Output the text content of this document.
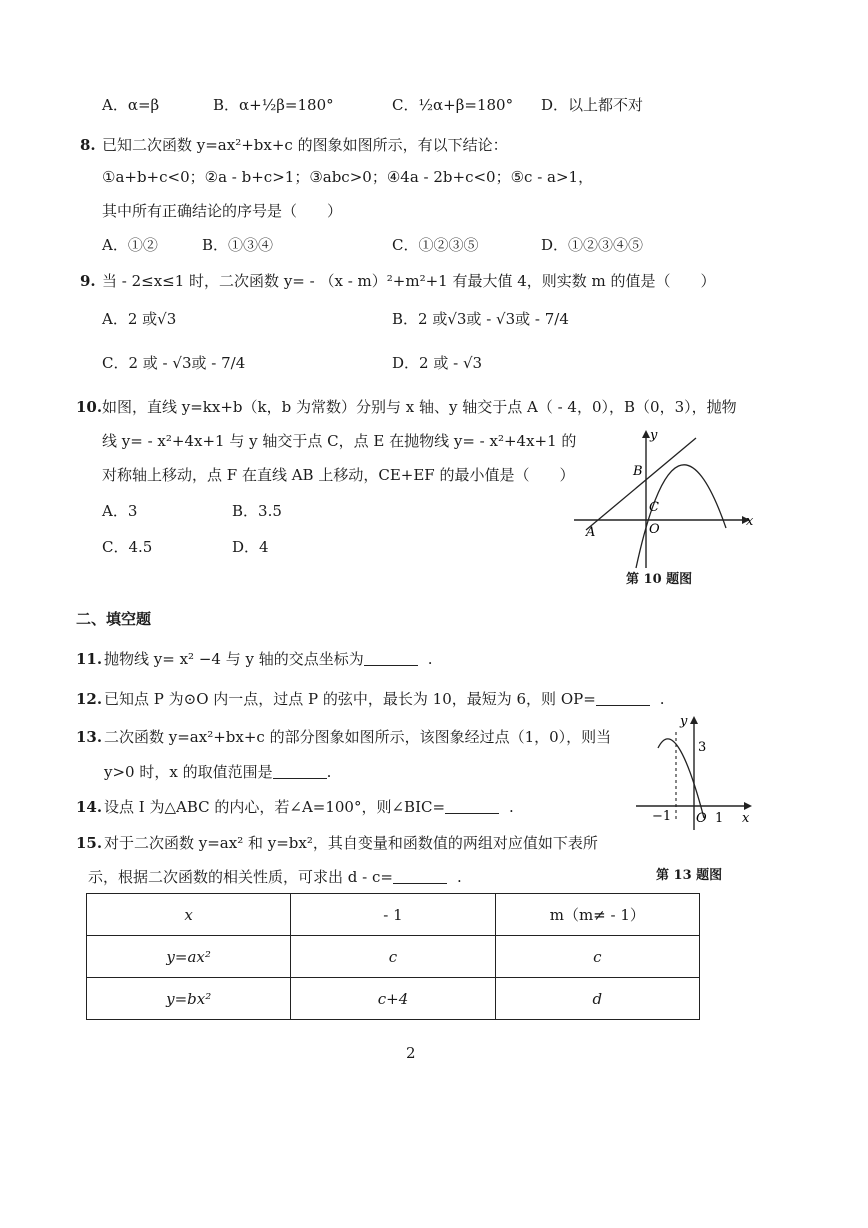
A．α=β	B．α+½β=180°	C．½α+β=180° D．以上都不对
8. 已知二次函数 y=ax²+bx+c 的图象如图所示，有以下结论：
①a+b+c<0；②a - b+c>1；③abc>0；④4a - 2b+c<0；⑤c - a>1，
其中所有正确结论的序号是（　　）
A．①②	B．①③④	C．①②③⑤	D．①②③④⑤
9. 当 - 2≤x≤1 时，二次函数 y= - （x - m）²+m²+1 有最大值 4，则实数 m 的值是（　　）
A．2 或√3	B．2 或√3或 - √3或 - 7/4
C．2 或 - √3或 - 7/4	D．2 或 - √3
10. 如图，直线 y=kx+b（k，b 为常数）分别与 x 轴、y 轴交于点 A（ - 4，0），B（0，3），抛物
线 y= - x²+4x+1 与 y 轴交于点 C，点 E 在抛物线 y= - x²+4x+1 的
对称轴上移动，点 F 在直线 AB 上移动，CE+EF 的最小值是（　　）
A．3	B．3.5
C．4.5	D．4
y
x
B
C
O
A
第 10 题图
二、填空题
11. 抛物线 y= x² −4 与 y 轴的交点坐标为	.
12. 已知点 P 为⊙O 内一点，过点 P 的弦中，最长为 10，最短为 6，则 OP=	.
13. 二次函数 y=ax²+bx+c 的部分图象如图所示，该图象经过点（1，0），则当
y>0 时，x 的取值范围是	.
y
x
3
−1 O 1
第 13 题图
14. 设点 I 为△ABC 的内心，若∠A=100°，则∠BIC=	.
15. 对于二次函数 y=ax² 和 y=bx²，其自变量和函数值的两组对应值如下表所
示，根据二次函数的相关性质，可求出 d - c=	.
x	- 1	m（m≠ - 1）
y=ax²	c	c
y=bx²	c+4	d
2
